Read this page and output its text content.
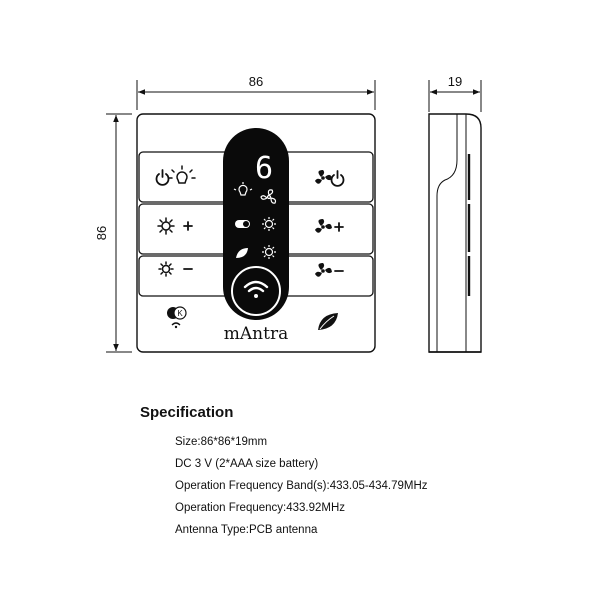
86
86
19
6
K
mAntra
Specification
Size:86*86*19mm
DC 3 V (2*AAA size battery)
Operation Frequency Band(s):433.05-434.79MHz
Operation Frequency:433.92MHz
Antenna Type:PCB antenna
